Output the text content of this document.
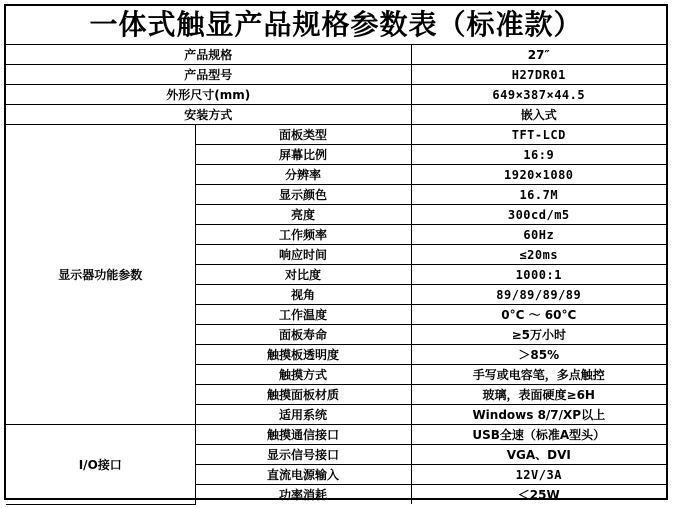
一体式触显产品规格参数表（标准款）
产品规格		27″
产品型号		H27DR01
外形尺寸(mm)		649×387×44.5
安装方式		嵌入式
显示器功能参数	面板类型	TFT-LCD
	屏幕比例	16:9
	分辨率	1920×1080
	显示颜色	16.7M
	亮度	300cd/m5
	工作频率	60Hz
	响应时间	≤20ms
	对比度	1000:1
	视角	89/89/89/89
	工作温度	0°C ～ 60°C
	面板寿命	≥5万小时
	触摸板透明度	＞85%
	触摸方式	手写或电容笔，多点触控
	触摸面板材质	玻璃，表面硬度≥6H
	适用系统	Windows 8/7/XP以上
I/O接口	触摸通信接口	USB全速（标准A型头）
	显示信号接口	VGA、DVI
	直流电源输入	12V/3A
	功率消耗	＜25W
